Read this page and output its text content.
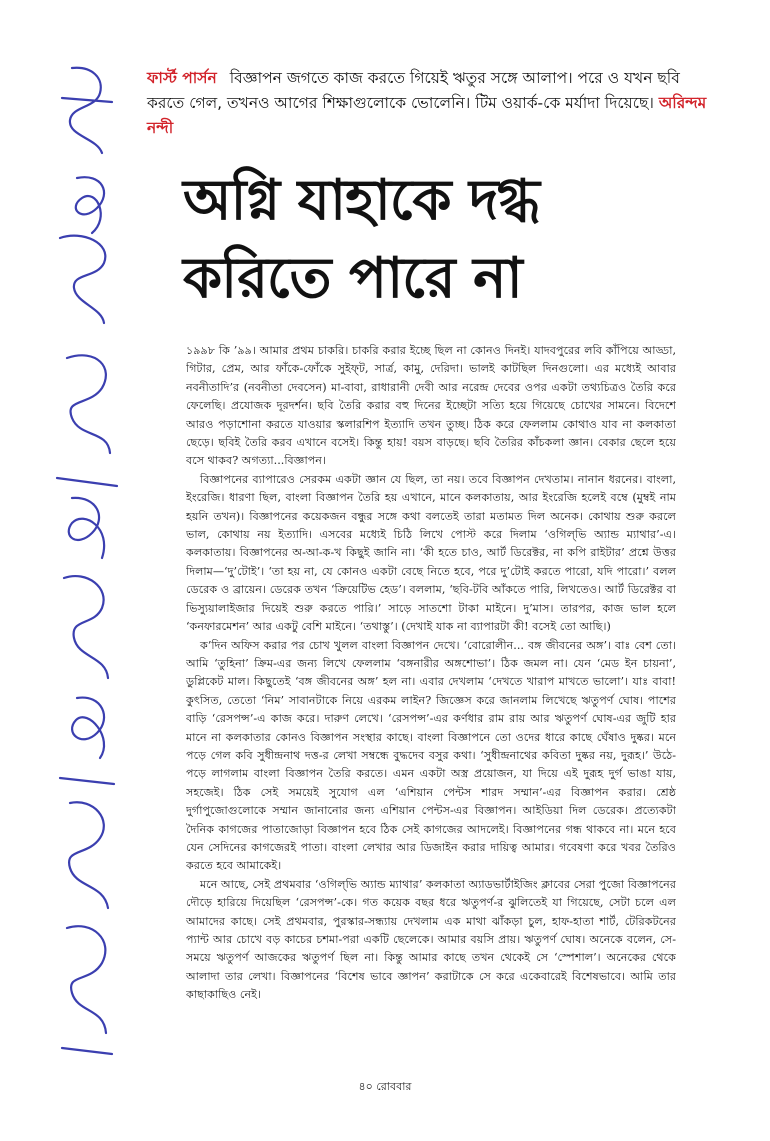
ফার্স্ট পার্সন বিজ্ঞাপন জগতে কাজ করতে গিয়েই ঋতুর সঙ্গে আলাপ। পরে ও যখন ছবি করতে গেল, তখনও আগের শিক্ষাগুলোকে ভোলেনি। টিম ওয়ার্ক-কে মর্যাদা দিয়েছে। অরিন্দম নন্দী
অগ্নি যাহাকে দগ্ধ
করিতে পারে না

১৯৯৮ কি ’৯৯। আমার প্রথম চাকরি। চাকরি করার ইচ্ছে ছিল না কোনও দিনই। যাদবপুরের লবি কাঁপিয়ে আড্ডা, গিটার, প্রেম, আর ফাঁকে-ফোঁকে সুইফ্‌ট, সার্ত্র, কামু, দেরিদা। ভালই কাটছিল দিনগুলো। এর মধ্যেই আবার নবনীতাদি’র (নবনীতা দেবসেন) মা-বাবা, রাধারানী দেবী আর নরেন্দ্র দেবের ওপর একটা তথ্যচিত্রও তৈরি করে ফেলেছি। প্রযোজক দূরদর্শন। ছবি তৈরি করার বহু দিনের ইচ্ছেটা সত্যি হয়ে গিয়েছে চোখের সামনে। বিদেশে আরও পড়াশোনা করতে যাওয়ার স্কলারশিপ ইত্যাদি তখন তুচ্ছ। ঠিক করে ফেললাম কোথাও যাব না কলকাতা ছেড়ে। ছবিই তৈরি করব এখানে বসেই। কিন্তু হায়! বয়স বাড়ছে। ছবি তৈরির কাঁচকলা জ্ঞান। বেকার ছেলে হয়ে বসে থাকব? অগত্যা...বিজ্ঞাপন।

বিজ্ঞাপনের ব্যাপারেও সেরকম একটা জ্ঞান যে ছিল, তা নয়। তবে বিজ্ঞাপন দেখতাম। নানান ধরনের। বাংলা, ইংরেজি। ধারণা ছিল, বাংলা বিজ্ঞাপন তৈরি হয় এখানে, মানে কলকাতায়, আর ইংরেজি হলেই বম্বে (মুম্বই নাম হয়নি তখন)। বিজ্ঞাপনের কয়েকজন বন্ধুর সঙ্গে কথা বলতেই তারা মতামত দিল অনেক। কোথায় শুরু করলে ভাল, কোথায় নয় ইত্যাদি। এসবের মধ্যেই চিঠি লিখে পোস্ট করে দিলাম ‘ওগিল্‌ভি অ্যান্ড ম্যাথার’-এ। কলকাতায়। বিজ্ঞাপনের অ-আ-ক-খ কিছুই জানি না। ‘কী হতে চাও, আর্ট ডিরেক্টর, না কপি রাইটার’ প্রশ্নে উত্তর দিলাম—‘দু’টোই’। ‘তা হয় না, যে কোনও একটা বেছে নিতে হবে, পরে দু’টোই করতে পারো, যদি পারো।’ বলল ডেরেক ও ব্রায়েন। ডেরেক তখন ‘ক্রিয়েটিভ হেড’। বললাম, ‘ছবি-টবি আঁকতে পারি, লিখতেও। আর্ট ডিরেক্টর বা ভিস্যুয়ালাইজার দিয়েই শুরু করতে পারি।’ সাড়ে সাতশো টাকা মাইনে। দু’মাস। তারপর, কাজ ভাল হলে ‘কনফারমেশন’ আর একটু বেশি মাইনে। ‘তথাস্তু’। (দেখাই যাক না ব্যাপারটা কী! বসেই তো আছি।)

ক’দিন অফিস করার পর চোখ খুলল বাংলা বিজ্ঞাপন দেখে। ‘বোরোলীন... বঙ্গ জীবনের অঙ্গ’। বাঃ বেশ তো। আমি ‘তুহিনা’ ক্রিম-এর জন্য লিখে ফেললাম ‘বঙ্গনারীর অঙ্গশোভা’। ঠিক জমল না। যেন ‘মেড ইন চায়না’, ডুপ্লিকেট মাল। কিছুতেই ‘বঙ্গ জীবনের অঙ্গ’ হল না। এবার দেখলাম ‘দেখতে খারাপ মাখতে ভালো’। যাঃ বাবা! কুৎসিত, তেতো ‘নিম’ সাবানটাকে নিয়ে এরকম লাইন? জিজ্ঞেস করে জানলাম লিখেছে ঋতুপর্ণ ঘোষ। পাশের বাড়ি ‘রেসপন্স’-এ কাজ করে। দারুণ লেখে। ‘রেসপন্স’-এর কর্ণধার রাম রায় আর ঋতুপর্ণ ঘোষ-এর জুটি হার মানে না কলকাতার কোনও বিজ্ঞাপন সংস্থার কাছে। বাংলা বিজ্ঞাপনে তো ওদের ধারে কাছে ঘেঁষাও দুষ্কর। মনে পড়ে গেল কবি সুধীন্দ্রনাথ দত্ত-র লেখা সম্বন্ধে বুদ্ধদেব বসুর কথা। ‘সুধীন্দ্রনাথের কবিতা দুষ্কর নয়, দুরূহ।’ উঠে-পড়ে লাগলাম বাংলা বিজ্ঞাপন তৈরি করতে। এমন একটা অস্ত্র প্রয়োজন, যা দিয়ে এই দুরূহ দুর্গ ভাঙা যায়, সহজেই। ঠিক সেই সময়েই সুযোগ এল ‘এশিয়ান পেন্টস শারদ সম্মান’-এর বিজ্ঞাপন করার। শ্রেষ্ঠ দুর্গাপুজোগুলোকে সম্মান জানানোর জন্য এশিয়ান পেন্টস-এর বিজ্ঞাপন। আইডিয়া দিল ডেরেক। প্রত্যেকটা দৈনিক কাগজের পাতাজোড়া বিজ্ঞাপন হবে ঠিক সেই কাগজের আদলেই। বিজ্ঞাপনের গন্ধ থাকবে না। মনে হবে যেন সেদিনের কাগজেরই পাতা। বাংলা লেখার আর ডিজাইন করার দায়িত্ব আমার। গবেষণা করে খবর তৈরিও করতে হবে আমাকেই।

মনে আছে, সেই প্রথমবার ‘ওগিল্‌ভি অ্যান্ড ম্যাথার’ কলকাতা অ্যাডভার্টাইজিং ক্লাবের সেরা পুজো বিজ্ঞাপনের দৌড়ে হারিয়ে দিয়েছিল ‘রেসপন্স’-কে। গত কয়েক বছর ধরে ঋতুপর্ণ-র ঝুলিতেই যা গিয়েছে, সেটা চলে এল আমাদের কাছে। সেই প্রথমবার, পুরস্কার-সন্ধ্যায় দেখলাম এক মাথা ঝাঁকড়া চুল, হাফ-হাতা শার্ট, টেরিকটনের প্যান্ট আর চোখে বড় কাচের চশমা-পরা একটি ছেলেকে। আমার বয়সি প্রায়। ঋতুপর্ণ ঘোষ। অনেকে বলেন, সে-সময়ে ঋতুপর্ণ আজকের ঋতুপর্ণ ছিল না। কিন্তু আমার কাছে তখন থেকেই সে ‘স্পেশাল’। অনেকের থেকে আলাদা তার লেখা। বিজ্ঞাপনের ‘বিশেষ ভাবে জ্ঞাপন’ করাটাকে সে করে একেবারেই বিশেষভাবে। আমি তার কাছাকাছিও নেই।

৪০ রোববার
